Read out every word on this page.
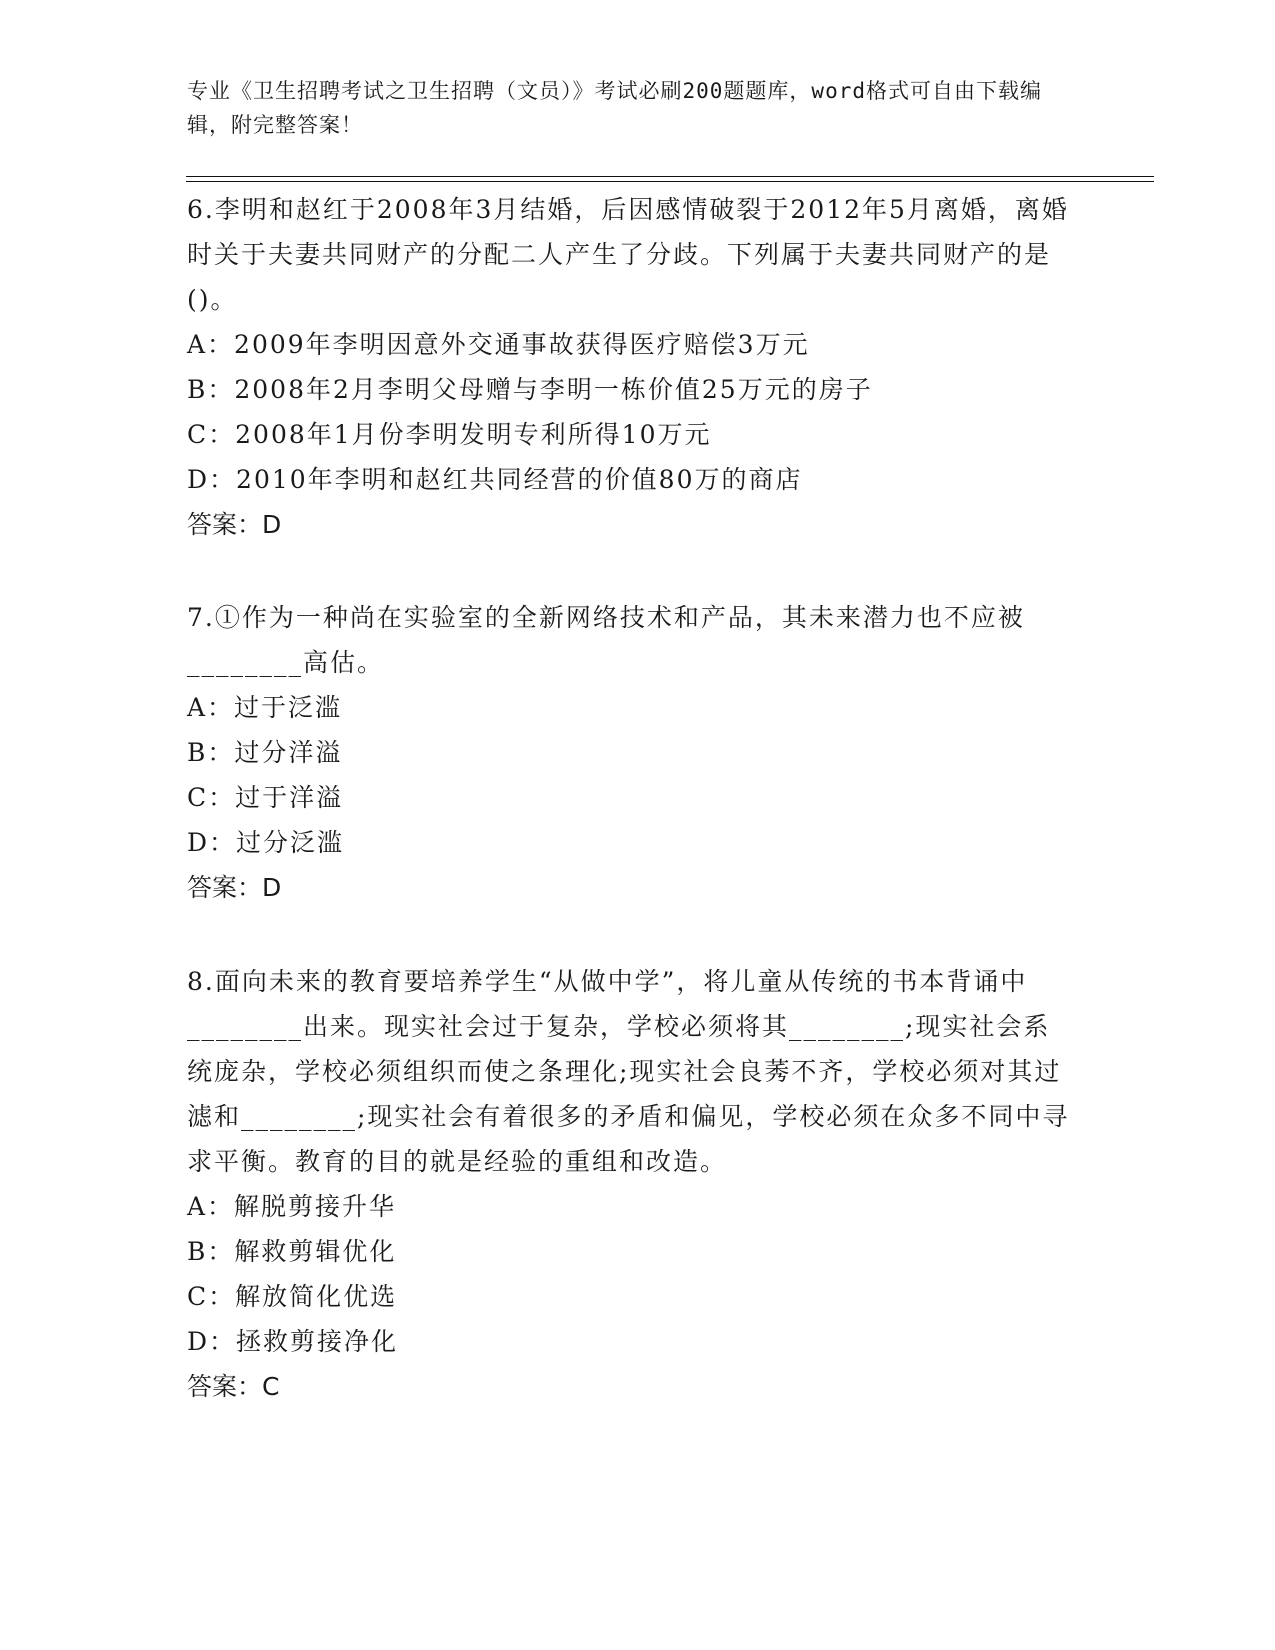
专业《卫生招聘考试之卫生招聘（文员）》考试必刷200题题库，word格式可自由下载编辑，附完整答案！

6.李明和赵红于2008年3月结婚，后因感情破裂于2012年5月离婚，离婚时关于夫妻共同财产的分配二人产生了分歧。下列属于夫妻共同财产的是()。

A：2009年李明因意外交通事故获得医疗赔偿3万元

B：2008年2月李明父母赠与李明一栋价值25万元的房子

C：2008年1月份李明发明专利所得10万元

D：2010年李明和赵红共同经营的价值80万的商店

答案：D

7.①作为一种尚在实验室的全新网络技术和产品，其未来潜力也不应被________高估。

A：过于泛滥

B：过分洋溢

C：过于洋溢

D：过分泛滥

答案：D

8.面向未来的教育要培养学生“从做中学”，将儿童从传统的书本背诵中________出来。现实社会过于复杂，学校必须将其________;现实社会系统庞杂，学校必须组织而使之条理化;现实社会良莠不齐，学校必须对其过滤和________;现实社会有着很多的矛盾和偏见，学校必须在众多不同中寻求平衡。教育的目的就是经验的重组和改造。

A：解脱剪接升华

B：解救剪辑优化

C：解放简化优选

D：拯救剪接净化

答案：C
